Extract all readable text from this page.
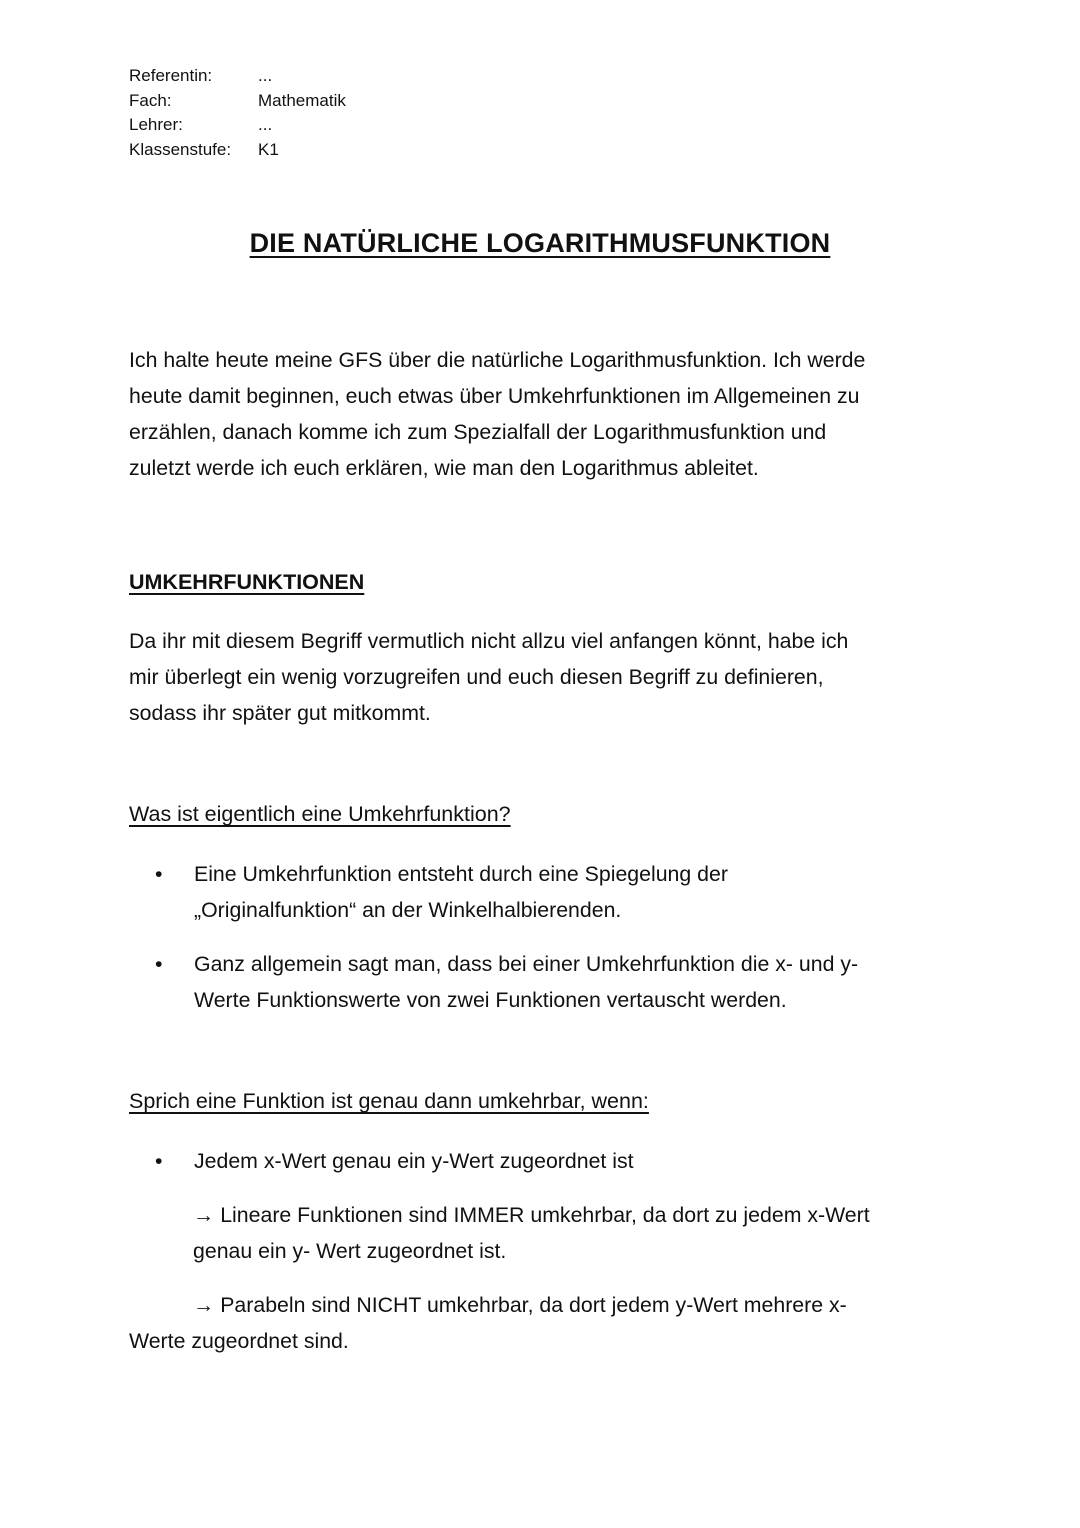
Referentin:	...
Fach:	Mathematik
Lehrer:	...
Klassenstufe:	K1
DIE NATÜRLICHE LOGARITHMUSFUNKTION
Ich halte heute meine GFS über die natürliche Logarithmusfunktion. Ich werde
heute damit beginnen, euch etwas über Umkehrfunktionen im Allgemeinen zu
erzählen, danach komme ich zum Spezialfall der Logarithmusfunktion und
zuletzt werde ich euch erklären, wie man den Logarithmus ableitet.
UMKEHRFUNKTIONEN
Da ihr mit diesem Begriff vermutlich nicht allzu viel anfangen könnt, habe ich
mir überlegt ein wenig vorzugreifen und euch diesen Begriff zu definieren,
sodass ihr später gut mitkommt.
Was ist eigentlich eine Umkehrfunktion?
•	Eine Umkehrfunktion entsteht durch eine Spiegelung der
„Originalfunktion“ an der Winkelhalbierenden.
•	Ganz allgemein sagt man, dass bei einer Umkehrfunktion die x- und y-
Werte Funktionswerte von zwei Funktionen vertauscht werden.
Sprich eine Funktion ist genau dann umkehrbar, wenn:
•	Jedem x-Wert genau ein y-Wert zugeordnet ist
→ Lineare Funktionen sind IMMER umkehrbar, da dort zu jedem x-Wert
genau ein y- Wert zugeordnet ist.
→ Parabeln sind NICHT umkehrbar, da dort jedem y-Wert mehrere x-
Werte zugeordnet sind.
